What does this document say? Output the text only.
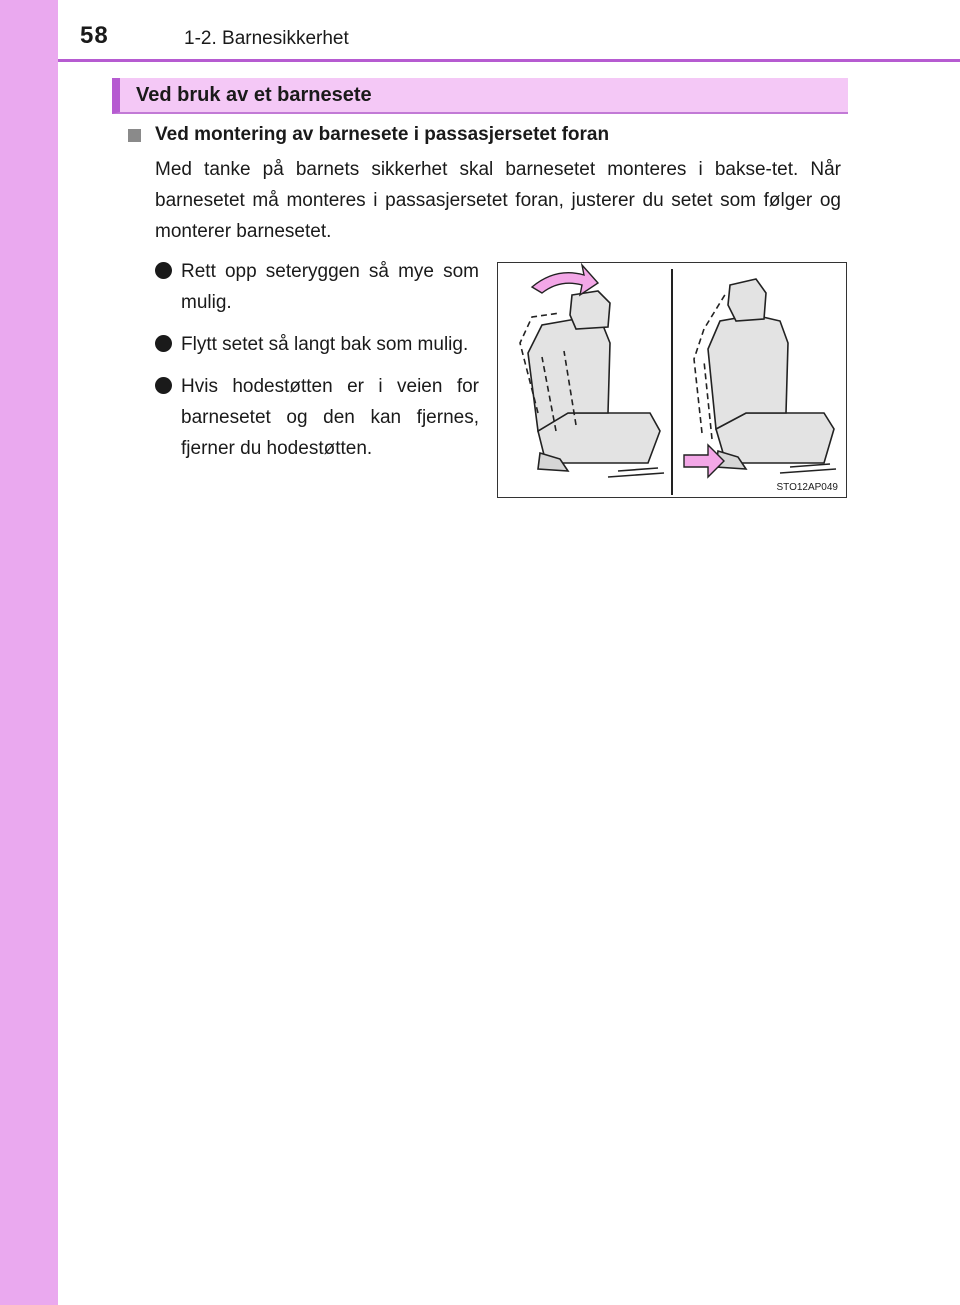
58	1-2. Barnesikkerhet
Ved bruk av et barnesete
Ved montering av barnesete i passasjersetet foran

Med tanke på barnets sikkerhet skal barnesetet monteres i bakse-tet. Når barnesetet må monteres i passasjersetet foran, justerer du setet som følger og monterer barnesetet.

Rett opp seteryggen så mye som mulig.
Flytt setet så langt bak som mulig.
Hvis hodestøtten er i veien for barnesetet og den kan fjernes, fjerner du hodestøtten.
STO12AP049
